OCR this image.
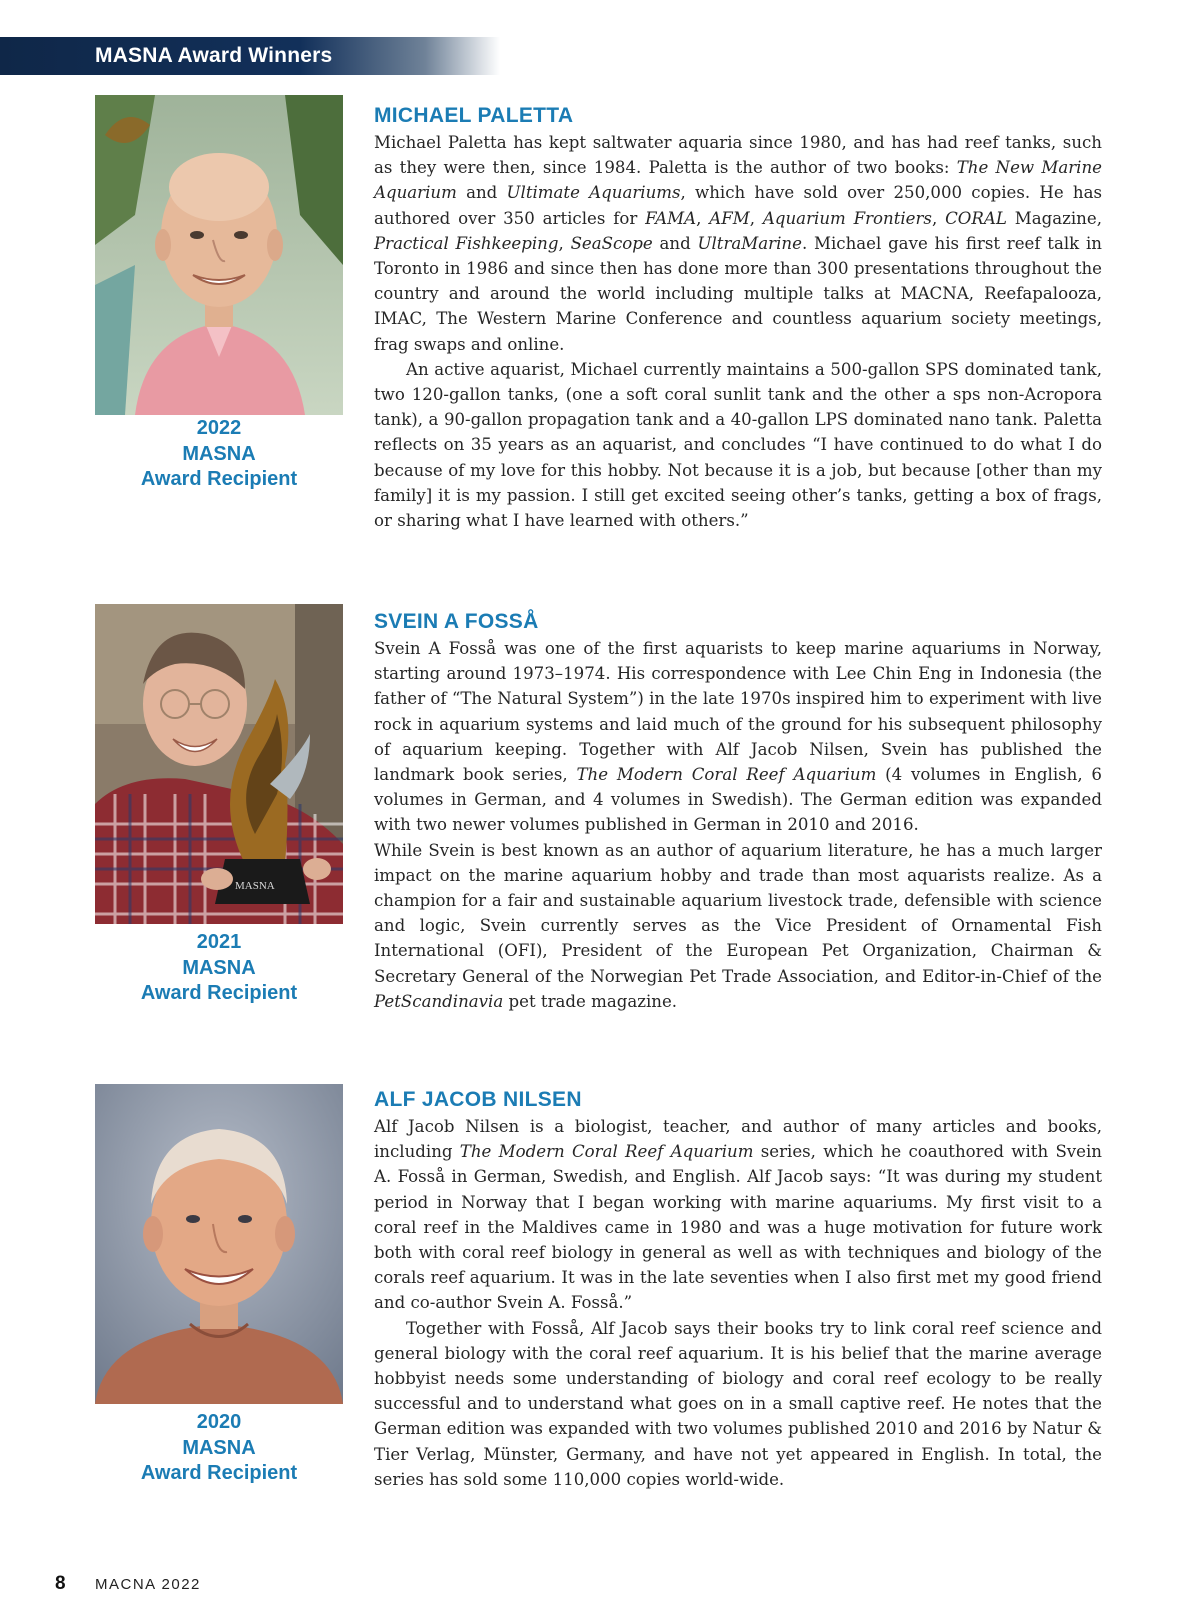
MASNA Award Winners
2022
MASNA
Award Recipient
MICHAEL PALETTA

Michael Paletta has kept saltwater aquaria since 1980, and has had reef tanks, such as they were then, since 1984. Paletta is the author of two books: The New Marine Aquarium and Ultimate Aquariums, which have sold over 250,000 copies. He has authored over 350 articles for FAMA, AFM, Aquarium Frontiers, CORAL Magazine, Practical Fishkeeping, SeaScope and UltraMarine. Michael gave his first reef talk in Toronto in 1986 and since then has done more than 300 presentations throughout the country and around the world including multiple talks at MACNA, Reefapalooza, IMAC, The Western Marine Conference and countless aquarium society meetings, frag swaps and online.

An active aquarist, Michael currently maintains a 500-gallon SPS dominated tank, two 120-gallon tanks, (one a soft coral sunlit tank and the other a sps non-Acropora tank), a 90-gallon propagation tank and a 40-gallon LPS dominated nano tank. Paletta reflects on 35 years as an aquarist, and concludes “I have continued to do what I do because of my love for this hobby. Not because it is a job, but because [other than my family] it is my passion. I still get excited seeing other’s tanks, getting a box of frags, or sharing what I have learned with others.”

MASNA
2021
MASNA
Award Recipient
SVEIN A FOSSÅ

Svein A Fosså was one of the first aquarists to keep marine aquariums in Norway, starting around 1973–1974. His correspondence with Lee Chin Eng in Indonesia (the father of “The Natural System”) in the late 1970s inspired him to experiment with live rock in aquarium systems and laid much of the ground for his subsequent philosophy of aquarium keeping. Together with Alf Jacob Nilsen, Svein has published the landmark book series, The Modern Coral Reef Aquarium (4 volumes in English, 6 volumes in German, and 4 volumes in Swedish). The German edition was expanded with two newer volumes published in German in 2010 and 2016.

While Svein is best known as an author of aquarium literature, he has a much larger impact on the marine aquarium hobby and trade than most aquarists realize. As a champion for a fair and sustainable aquarium livestock trade, defensible with science and logic, Svein currently serves as the Vice President of Ornamental Fish International (OFI), President of the European Pet Organization, Chairman & Secretary General of the Norwegian Pet Trade Association, and Editor-in-Chief of the PetScandinavia pet trade magazine.

2020
MASNA
Award Recipient
ALF JACOB NILSEN

Alf Jacob Nilsen is a biologist, teacher, and author of many articles and books, including The Modern Coral Reef Aquarium series, which he coauthored with Svein A. Fosså in German, Swedish, and English. Alf Jacob says: “It was during my student period in Norway that I began working with marine aquariums. My first visit to a coral reef in the Maldives came in 1980 and was a huge motivation for future work both with coral reef biology in general as well as with techniques and biology of the corals reef aquarium. It was in the late seventies when I also first met my good friend and co-author Svein A. Fosså.”

Together with Fosså, Alf Jacob says their books try to link coral reef science and general biology with the coral reef aquarium. It is his belief that the marine average hobbyist needs some understanding of biology and coral reef ecology to be really successful and to understand what goes on in a small captive reef. He notes that the German edition was expanded with two volumes published 2010 and 2016 by Natur & Tier Verlag, Münster, Germany, and have not yet appeared in English. In total, the series has sold some 110,000 copies world-wide.

8 MACNA 2022
